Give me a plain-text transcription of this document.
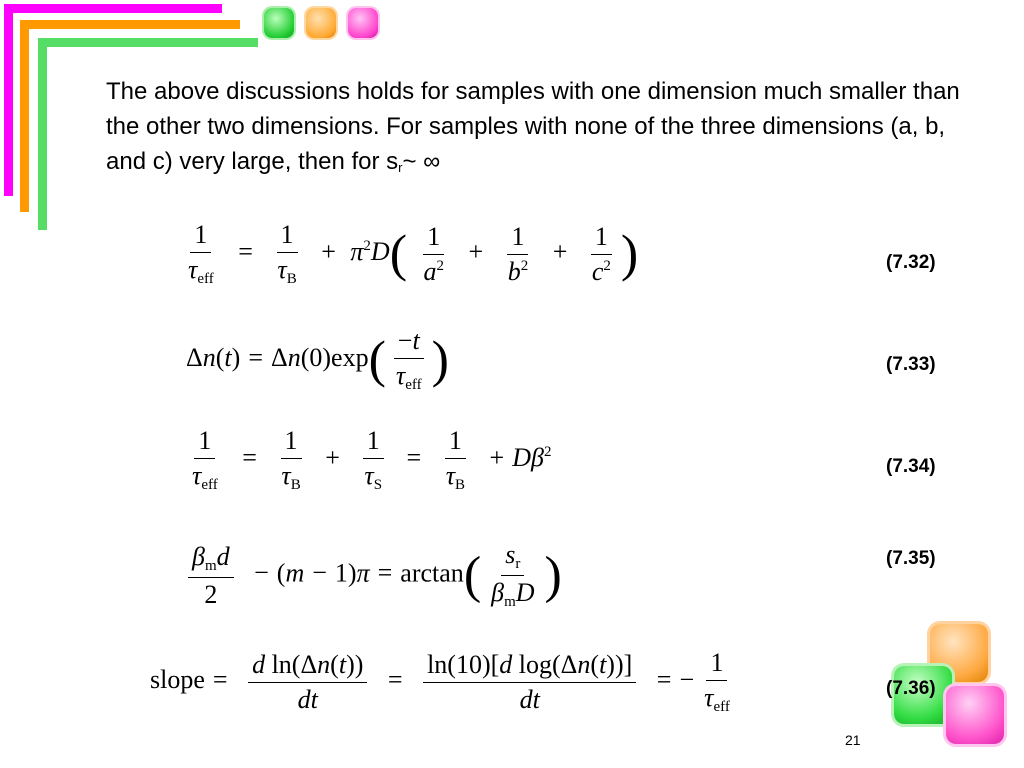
The above discussions holds for samples with one dimension much smaller than the other two dimensions. For samples with none of the three dimensions (a, b, and c) very large, then for $s_r\sim$ ∞
$\frac{1}{\tau_{eff}} = \frac{1}{\tau_B} + \pi^2D( \frac{1}{a^2} + \frac{1}{b^2} + \frac{1}{c^2}$ )	(7.32)
$\Delta n(t) = \Delta n(0)\exp( \frac{-t}{\tau_{eff}}$ )	(7.33)
$\frac{1}{\tau_{eff}} = \frac{1}{\tau_B} + \frac{1}{\tau_S} = \frac{1}{\tau_B} + D\beta^2$
(7.34)
$\frac{\beta_md}{2} - (m - 1)\pi = \arctan( \frac{s_r}{\beta_mD}$ )	(7.35)
slope = $\frac{\text{d ln(Δn(t))}}{dt} = \frac{\text{ln(10)[d log(Δn(t))]}}{dt}$ = − $\frac{1}{\tau_{eff}}$	(7.36)
21
